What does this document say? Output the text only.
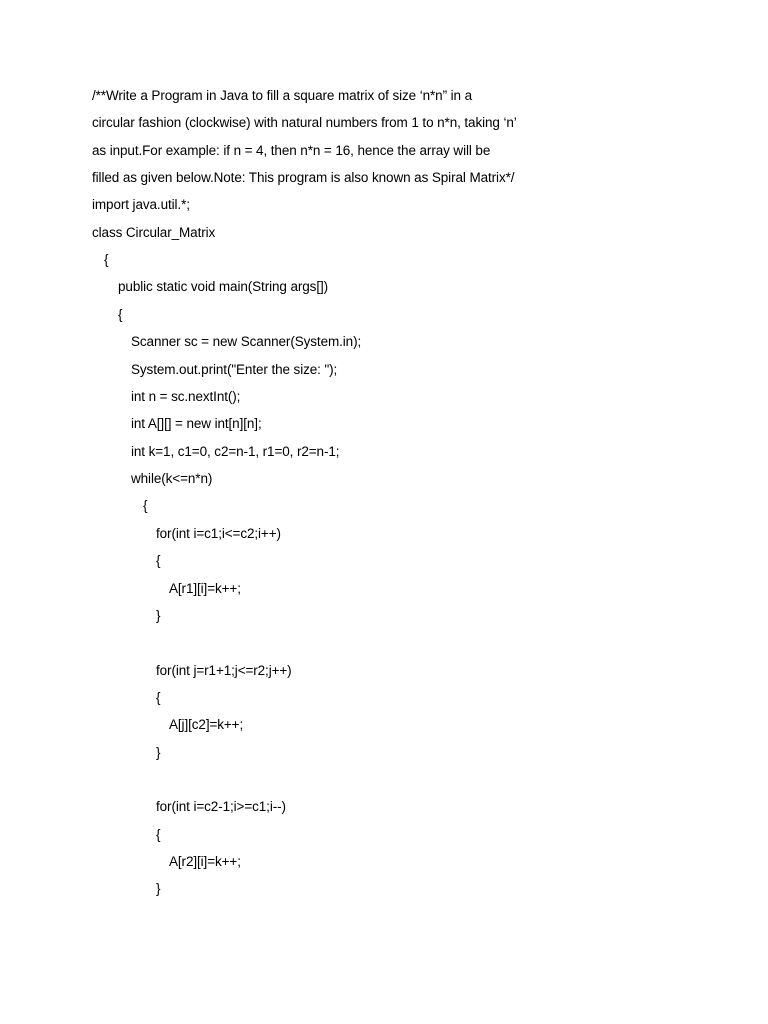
/**Write a Program in Java to fill a square matrix of size ‘n*n” in a
circular fashion (clockwise) with natural numbers from 1 to n*n, taking ‘n’
as input.For example: if n = 4, then n*n = 16, hence the array will be
filled as given below.Note: This program is also known as Spiral Matrix*/
import java.util.*;
class Circular_Matrix
{
public static void main(String args[])
{
Scanner sc = new Scanner(System.in);
System.out.print("Enter the size: ");
int n = sc.nextInt();
int A[][] = new int[n][n];
int k=1, c1=0, c2=n-1, r1=0, r2=n-1;
while(k<=n*n)
{
for(int i=c1;i<=c2;i++)
{
A[r1][i]=k++;
}
for(int j=r1+1;j<=r2;j++)
{
A[j][c2]=k++;
}
for(int i=c2-1;i>=c1;i--)
{
A[r2][i]=k++;
}
